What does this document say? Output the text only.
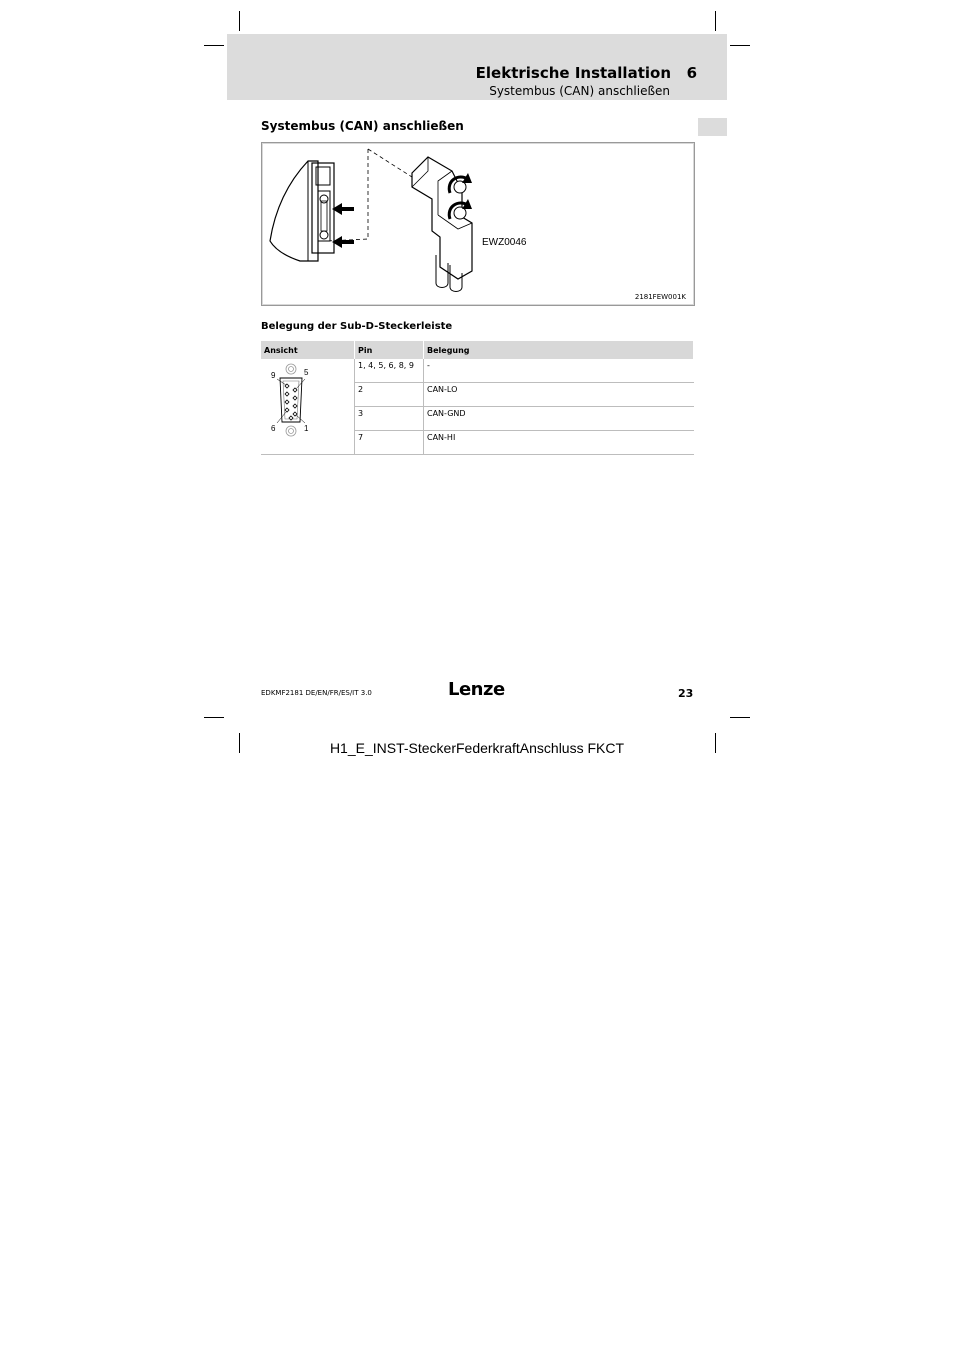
Elektrische Installation 6
Systembus (CAN) anschließen
Systembus (CAN) anschließen
EWZ0046
2181FEW001K
Belegung der Sub-D-Steckerleiste
Ansicht	Pin	Belegung

9 5
6 1	1, 4, 5, 6, 8, 9	-
	2	CAN-LO
	3	CAN-GND
	7	CAN-HI
EDKMF2181 DE/EN/FR/ES/IT 3.0	Lenze	23
H1_E_INST-SteckerFederkraftAnschluss FKCT
